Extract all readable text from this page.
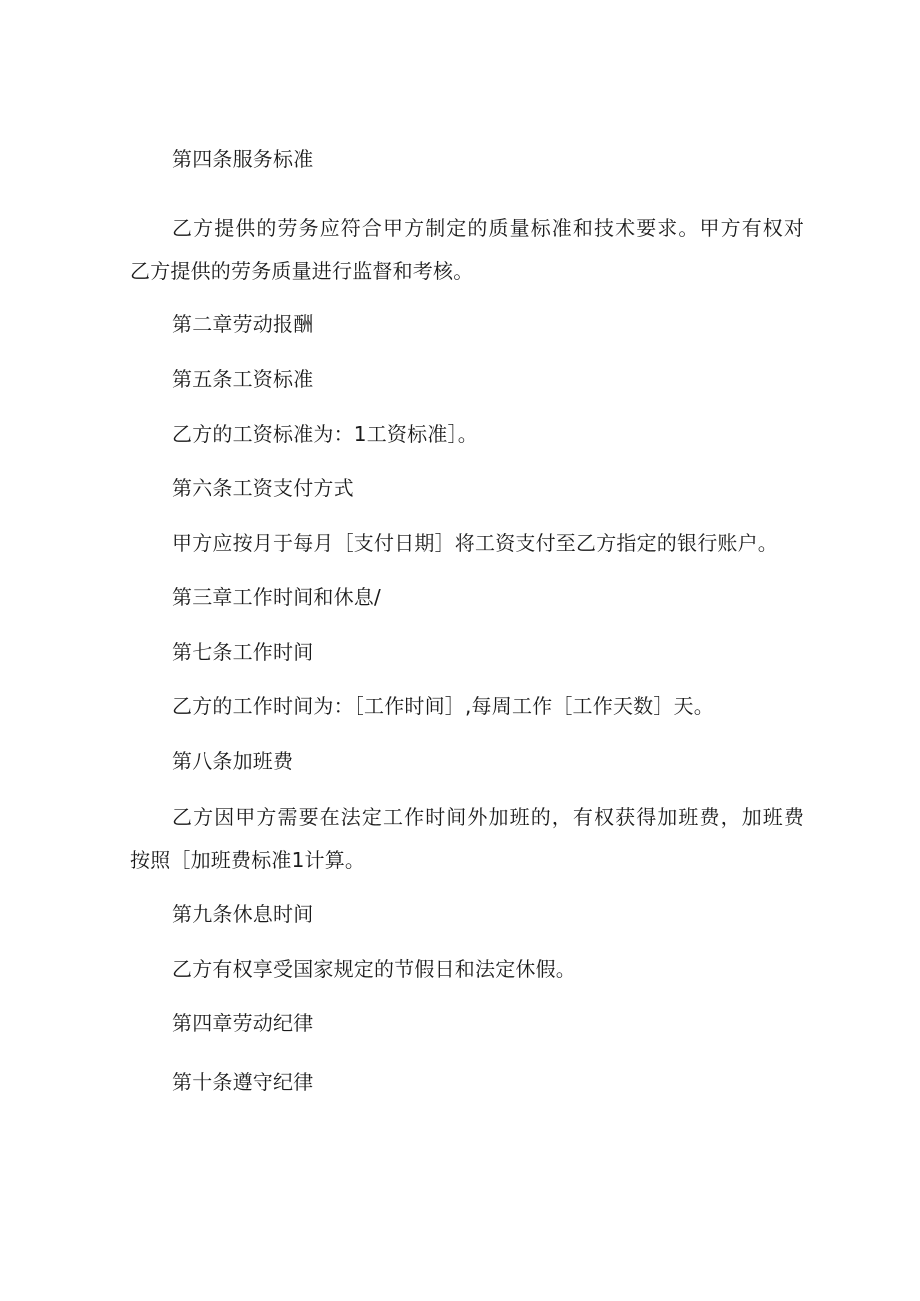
第四条服务标准
乙方提供的劳务应符合甲方制定的质量标准和技术要求。甲方有权对
乙方提供的劳务质量进行监督和考核。
第二章劳动报酬
第五条工资标准
乙方的工资标准为：1工资标准］。
第六条工资支付方式
甲方应按月于每月［支付日期］将工资支付至乙方指定的银行账户。
第三章工作时间和休息/
第七条工作时间
乙方的工作时间为：［工作时间］,每周工作［工作天数］天。
第八条加班费
乙方因甲方需要在法定工作时间外加班的，有权获得加班费，加班费
按照［加班费标准1计算。
第九条休息时间
乙方有权享受国家规定的节假日和法定休假。
第四章劳动纪律
第十条遵守纪律
